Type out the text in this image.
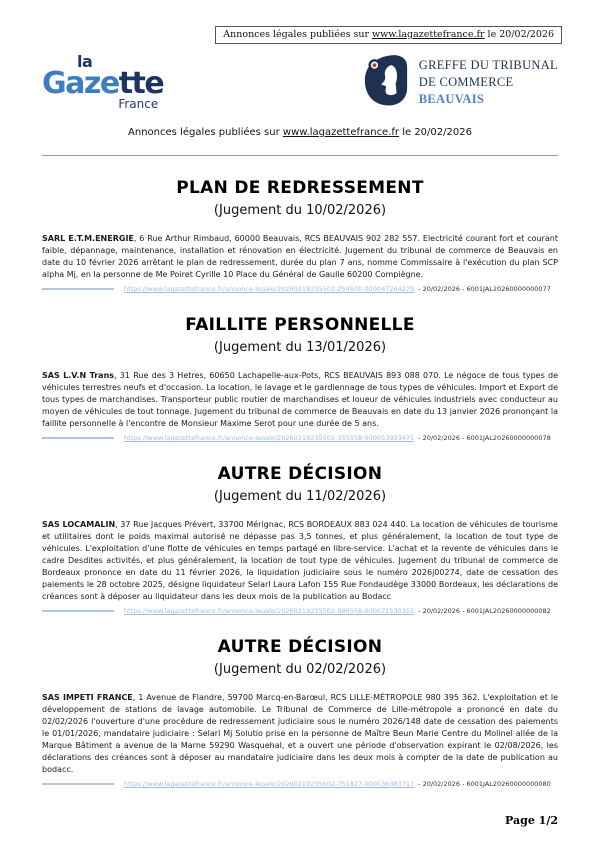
Annonces légales publiées sur www.lagazettefrance.fr le 20/02/2026
la
Gazette
France
GREFFE DU TRIBUNAL
DE COMMERCE
BEAUVAIS
Annonces légales publiées sur www.lagazettefrance.fr le 20/02/2026
PLAN DE REDRESSEMENT
(Jugement du 10/02/2026)

SARL E.T.M.ENERGIE, 6 Rue Arthur Rimbaud, 60000 Beauvais, RCS BEAUVAIS 902 282 557. Electricité courant fort et courant faible, dépannage, maintenance, installation et rénovation en électricité. Jugement du tribunal de commerce de Beauvais en date du 10 février 2026 arrêtant le plan de redressement, durée du plan 7 ans, nomme Commissaire à l'exécution du plan SCP alpha Mj, en la personne de Me Poiret Cyrille 10 Place du Général de Gaulle 60200 Compiègne.

https://www.lagazettefrance.fr/annonce-legale/20260219235502-254500-000047264279 - 20/02/2026 - 6001JAL20260000000077
FAILLITE PERSONNELLE
(Jugement du 13/01/2026)

SAS L.V.N Trans, 31 Rue des 3 Hetres, 60650 Lachapelle-aux-Pots, RCS BEAUVAIS 893 088 070. Le négoce de tous types de véhicules terrestres neufs et d'occasion. La location, le lavage et le gardiennage de tous types de véhicules. Import et Export de tous types de marchandises. Transporteur public routier de marchandises et loueur de véhicules industriels avec conducteur au moyen de véhicules de tout tonnage. Jugement du tribunal de commerce de Beauvais en date du 13 janvier 2026 prononçant la faillite personnelle à l'encontre de Monsieur Maxime Serot pour une durée de 5 ans.

https://www.lagazettefrance.fr/annonce-legale/20260219235502-355558-000053933475 - 20/02/2026 - 6001JAL20260000000078
AUTRE DÉCISION
(Jugement du 11/02/2026)

SAS LOCAMALIN, 37 Rue Jacques Prévert, 33700 Mérignac, RCS BORDEAUX 883 024 440. La location de véhicules de tourisme et utilitaires dont le poids maximal autorisé ne dépasse pas 3,5 tonnes, et plus généralement, la location de tout type de véhicules. L'exploitation d'une flotte de véhicules en temps partagé en libre-service. L'achat et la revente de véhicules dans le cadre Desdites activités, et plus généralement, la location de tout type de véhicules. Jugement du tribunal de commerce de Bordeaux prononce en date du 11 février 2026, la liquidation judiciaire sous le numéro 2026j00274, date de cessation des paiements le 28 octobre 2025, désigne liquidateur Selarl Laura Lafon 155 Rue Fondaudège 33000 Bordeaux, les déclarations de créances sont à déposer au liquidateur dans les deux mois de la publication au Bodacc

https://www.lagazettefrance.fr/annonce-legale/20260219235502-986558-000071530352 - 20/02/2026 - 6001JAL20260000000082
AUTRE DÉCISION
(Jugement du 02/02/2026)

SAS IMPETI FRANCE, 1 Avenue de Flandre, 59700 Marcq-en-Barœul, RCS LILLE-MÉTROPOLE 980 395 362. L'exploitation et le développement de stations de lavage automobile. Le Tribunal de Commerce de Lille-métropole a prononcé en date du 02/02/2026 l'ouverture d'une procédure de redressement judiciaire sous le numéro 2026/148 date de cessation des paiements le 01/01/2026, mandataire judiciaire : Selarl Mj Solutio prise en la personne de Maître Beun Marie Centre du Molinel allée de la Marque Bâtiment a avenue de la Marne 59290 Wasquehal, et a ouvert une période d'observation expirant le 02/08/2026, les déclarations des créances sont à déposer au mandataire judiciaire dans les deux mois à compter de la date de publication au bodacc.

https://www.lagazettefrance.fr/annonce-legale/20260219235502-751827-000036383717 - 20/02/2026 - 6001JAL20260000000080
Page 1/2
